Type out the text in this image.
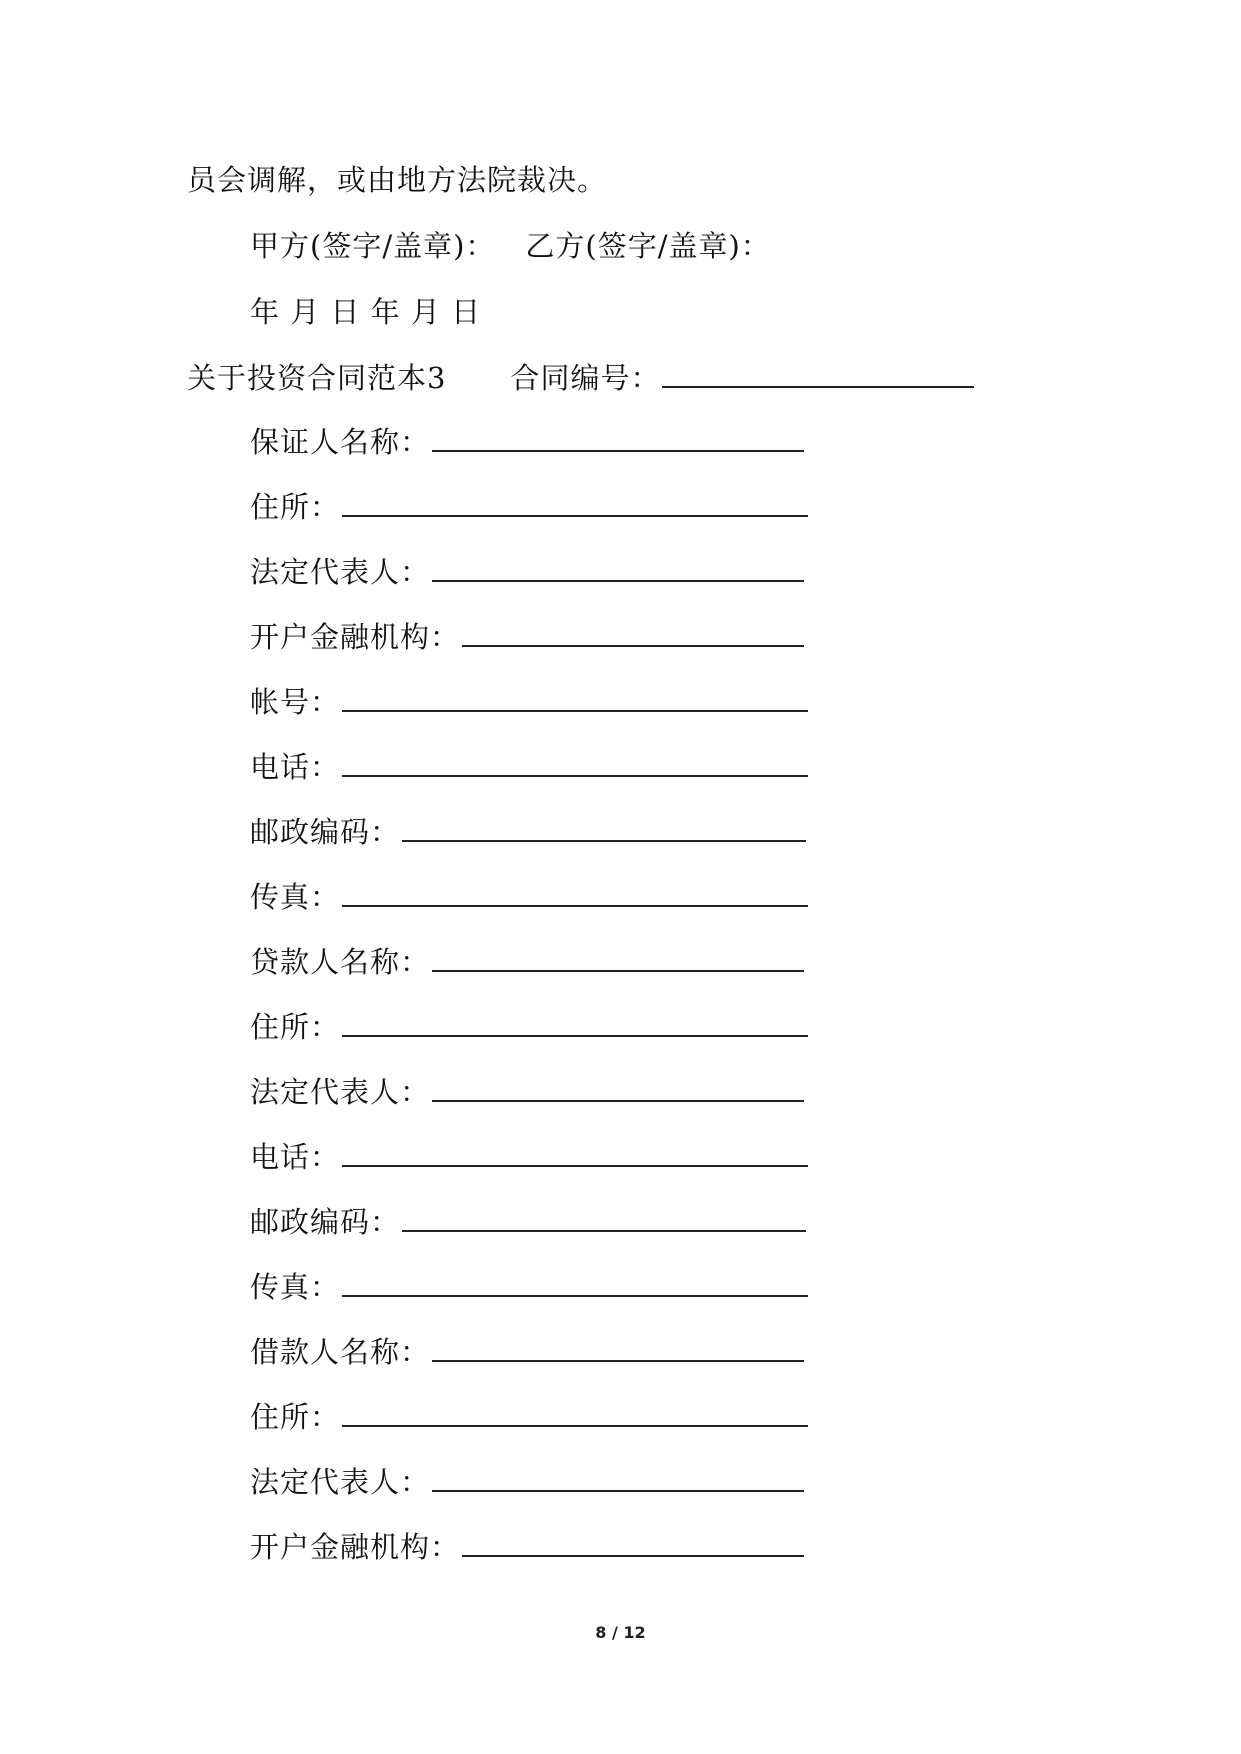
员会调解，或由地方法院裁决。
甲方(签字/盖章)： 乙方(签字/盖章)：
年 月 日 年 月 日
关于投资合同范本3 合同编号：
保证人名称：
住所：
法定代表人：
开户金融机构：
帐号：
电话：
邮政编码：
传真：
贷款人名称：
住所：
法定代表人：
电话：
邮政编码：
传真：
借款人名称：
住所：
法定代表人：
开户金融机构：
8 / 12
